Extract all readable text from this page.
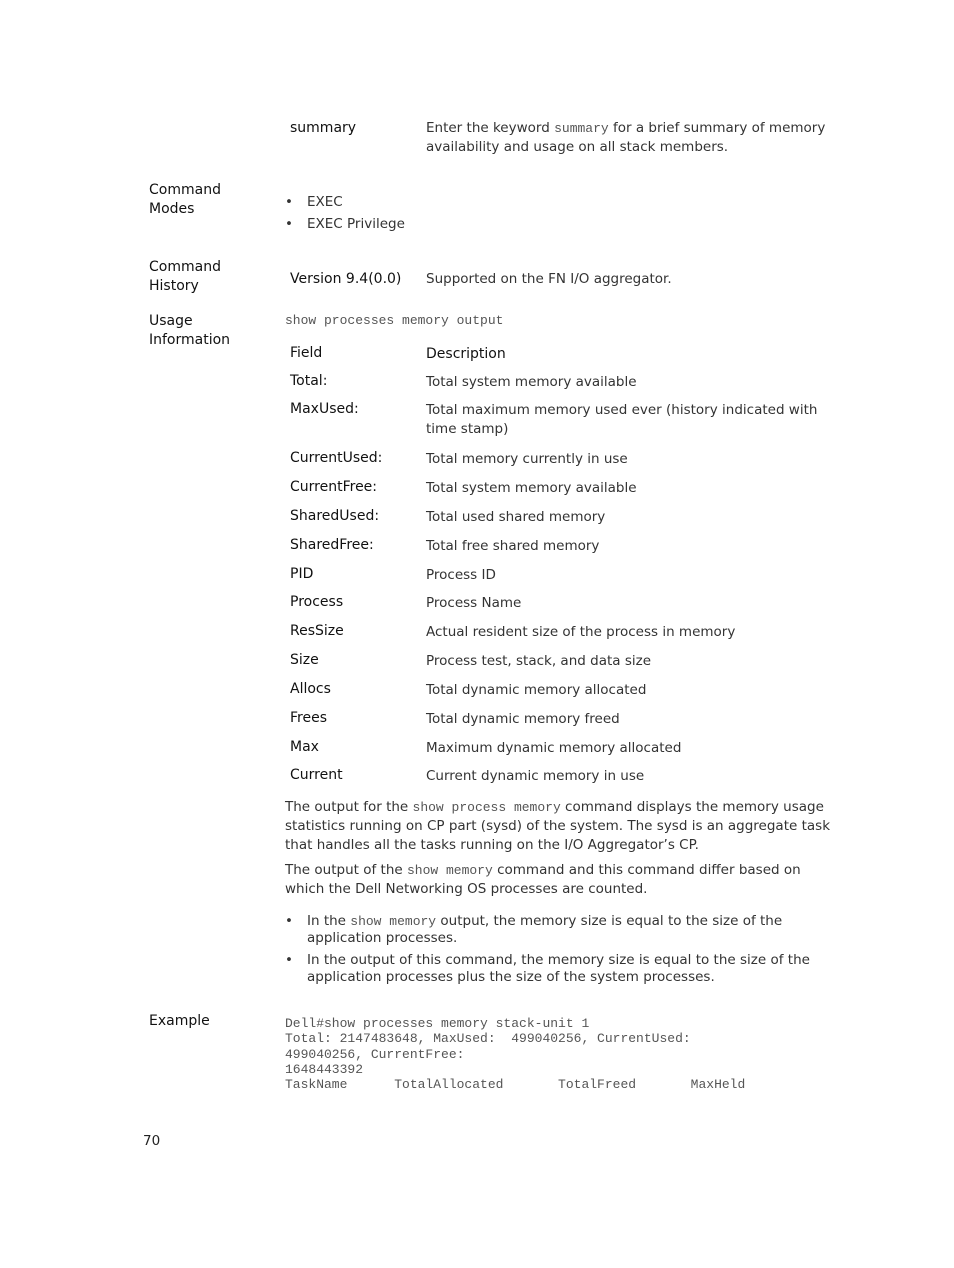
summary	Enter the keyword summary for a brief summary of memory availability and usage on all stack members.
Command Modes	•	EXEC
•	EXEC Privilege
Command History	Version 9.4(0.0) Supported on the FN I/O aggregator.
Usage Information
show processes memory output
Field	Description
Total:	Total system memory available
MaxUsed:	Total maximum memory used ever (history indicated with time stamp)
CurrentUsed:	Total memory currently in use
CurrentFree:	Total system memory available
SharedUsed:	Total used shared memory
SharedFree:	Total free shared memory
PID	Process ID
Process	Process Name
ResSize	Actual resident size of the process in memory
Size	Process test, stack, and data size
Allocs	Total dynamic memory allocated
Frees	Total dynamic memory freed
Max	Maximum dynamic memory allocated
Current	Current dynamic memory in use
The output for the show process memory command displays the memory usage statistics running on CP part (sysd) of the system. The sysd is an aggregate task that handles all the tasks running on the I/O Aggregator’s CP.
The output of the show memory command and this command differ based on which the Dell Networking OS processes are counted.
•	In the show memory output, the memory size is equal to the size of the application processes.
•	In the output of this command, the memory size is equal to the size of the application processes plus the size of the system processes.
Example	Dell#show processes memory stack-unit 1
Total: 2147483648, MaxUsed:  499040256, CurrentUsed:
499040256, CurrentFree:
1648443392
TaskName      TotalAllocated       TotalFreed       MaxHeld
70
